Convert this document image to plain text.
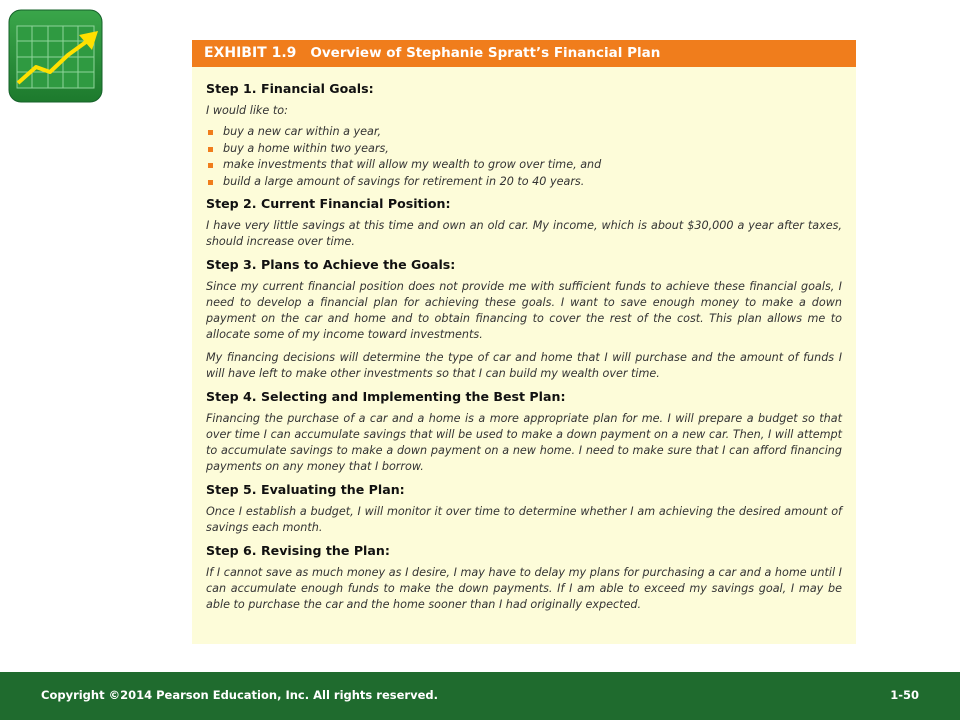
EXHIBIT 1.9 Overview of Stephanie Spratt’s Financial Plan

Step 1. Financial Goals:

I would like to:

buy a new car within a year,
buy a home within two years,
make investments that will allow my wealth to grow over time, and
build a large amount of savings for retirement in 20 to 40 years.

Step 2. Current Financial Position:

I have very little savings at this time and own an old car. My income, which is about $30,000 a year after taxes, should increase over time.

Step 3. Plans to Achieve the Goals:

Since my current financial position does not provide me with sufficient funds to achieve these financial goals, I need to develop a financial plan for achieving these goals. I want to save enough money to make a down payment on the car and home and to obtain financing to cover the rest of the cost. This plan allows me to allocate some of my income toward investments.

My financing decisions will determine the type of car and home that I will purchase and the amount of funds I will have left to make other investments so that I can build my wealth over time.

Step 4. Selecting and Implementing the Best Plan:

Financing the purchase of a car and a home is a more appropriate plan for me. I will prepare a budget so that over time I can accumulate savings that will be used to make a down payment on a new car. Then, I will attempt to accumulate savings to make a down payment on a new home. I need to make sure that I can afford financing payments on any money that I borrow.

Step 5. Evaluating the Plan:

Once I establish a budget, I will monitor it over time to determine whether I am achieving the desired amount of savings each month.

Step 6. Revising the Plan:

If I cannot save as much money as I desire, I may have to delay my plans for purchasing a car and a home until I can accumulate enough funds to make the down payments. If I am able to exceed my savings goal, I may be able to purchase the car and the home sooner than I had originally expected.

Copyright ©2014 Pearson Education, Inc. All rights reserved.	1-50
